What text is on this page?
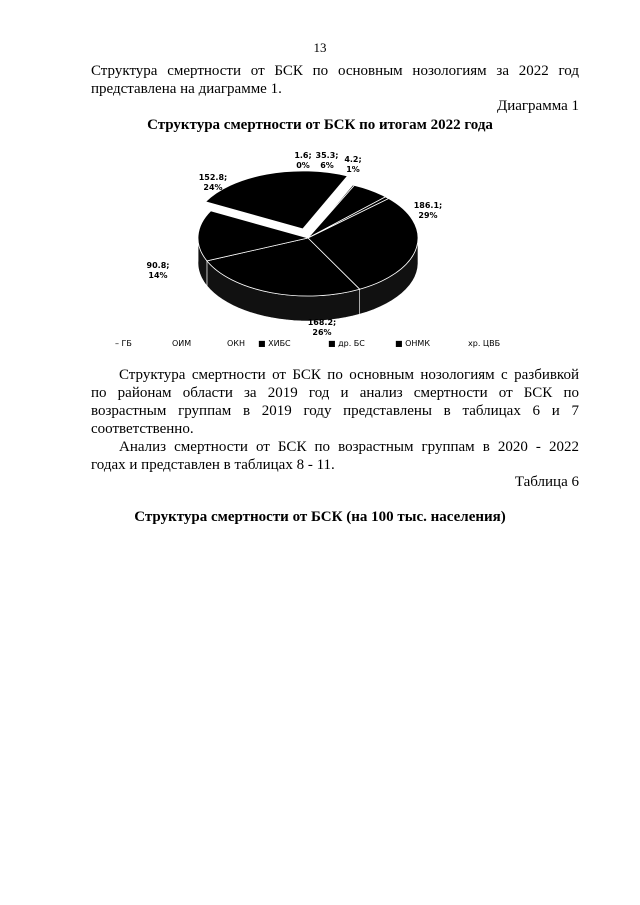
13
Структура смертности от БСК по основным нозологиям за 2022 год
представлена на диаграмме 1.
Диаграмма 1
Структура смертности от БСК по итогам 2022 года
1.6; 0%
35.3; 6%
4.2; 1%
186.1; 29%
168.2; 26%
90.8; 14%
152.8; 24%
– ГБ	ОИМ	ОКН ■ ХИБС	■ др. БС	■ ОНМК	хр. ЦВБ
Структура смертности от БСК по основным нозологиям с разбивкой
по районам области за 2019 год и анализ смертности от БСК по
возрастным группам в 2019 году представлены в таблицах 6 и 7
соответственно.
Анализ смертности от БСК по возрастным группам в 2020 - 2022
годах и представлен в таблицах 8 - 11.
Таблица 6
Структура смертности от БСК (на 100 тыс. населения)
